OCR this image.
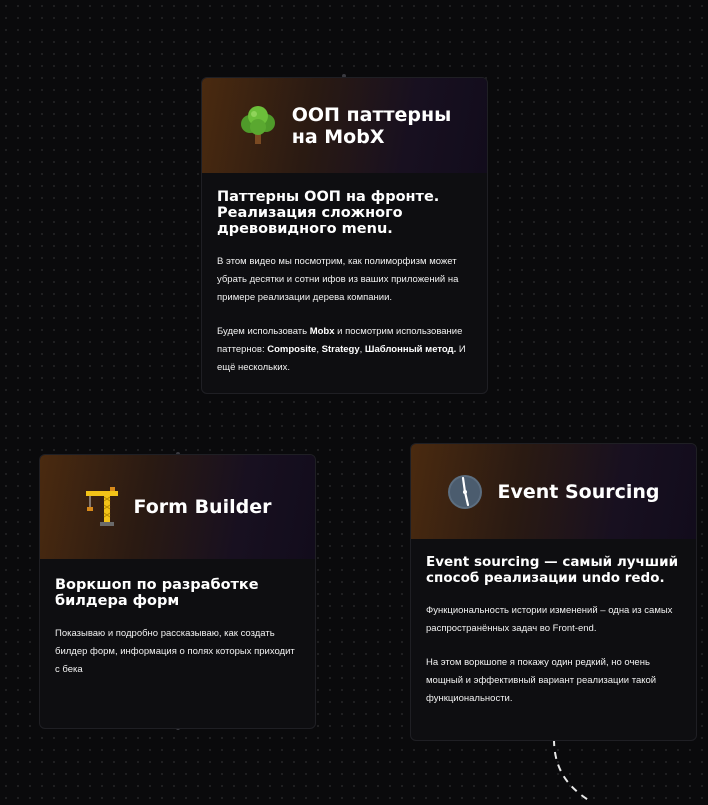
ООП паттерны
на MobX
Паттерны ООП на фронте.
Реализация сложного
древовидного menu.

В этом видео мы посмотрим, как полиморфизм может убрать десятки и сотни ифов из ваших приложений на примере реализации дерева компании.

Будем использовать Mobx и посмотрим использование паттернов: Composite, Strategy, Шаблонный метод. И ещё нескольких.

Form Builder
Воркшоп по разработке
билдера форм

Показываю и подробно рассказываю, как создать билдер форм, информация о полях которых приходит с бека

Event Sourcing
Event sourcing — самый лучший
способ реализации undo redo.

Функциональность истории изменений – одна из самых распространённых задач во Front-end.

На этом воркшопе я покажу один редкий, но очень мощный и эффективный вариант реализации такой функциональности.
